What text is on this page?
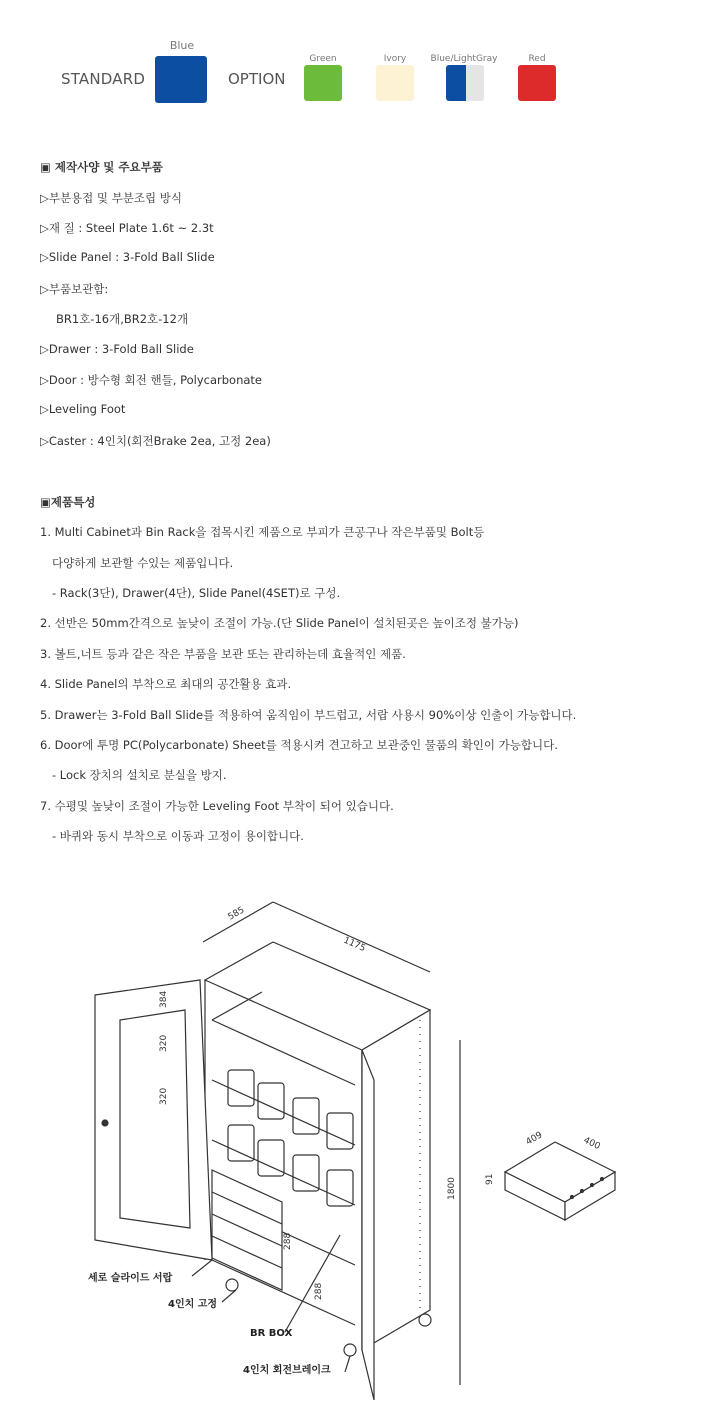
STANDARD
Blue
OPTION
Green	Ivory	Blue/LightGray	Red
▣ 제작사양 및 주요부품
▷부분용접 및 부분조립 방식
▷재 질 : Steel Plate 1.6t ~ 2.3t
▷Slide Panel : 3-Fold Ball Slide
▷부품보관함:
BR1호-16개,BR2호-12개
▷Drawer : 3-Fold Ball Slide
▷Door : 방수형 회전 핸들, Polycarbonate
▷Leveling Foot
▷Caster : 4인치(회전Brake 2ea, 고정 2ea)
▣제품특성
1. Multi Cabinet과 Bin Rack을 접목시킨 제품으로 부피가 큰공구나 작은부품및 Bolt등
다양하게 보관할 수있는 제품입니다.
- Rack(3단), Drawer(4단), Slide Panel(4SET)로 구성.
2. 선반은 50mm간격으로 높낮이 조절이 가능.(단 Slide Panel이 설치된곳은 높이조정 불가능)
3. 볼트,너트 등과 같은 작은 부품을 보관 또는 관리하는데 효율적인 제품.
4. Slide Panel의 부착으로 최대의 공간활용 효과.
5. Drawer는 3-Fold Ball Slide를 적용하여 움직임이 부드럽고, 서랍 사용시 90%이상 인출이 가능합니다.
6. Door에 투명 PC(Polycarbonate) Sheet를 적용시켜 견고하고 보관중인 물품의 확인이 가능합니다.
- Lock 장치의 설치로 분실을 방지.
7. 수평및 높낮이 조절이 가능한 Leveling Foot 부착이 되어 있습니다.
- 바퀴와 동시 부착으로 이동과 고정이 용이합니다.
585
1175
1800
384
320
320
288
288
409	400
91
세로 슬라이드 서랍
4인치 고정
BR BOX
4인치 회전브레이크
